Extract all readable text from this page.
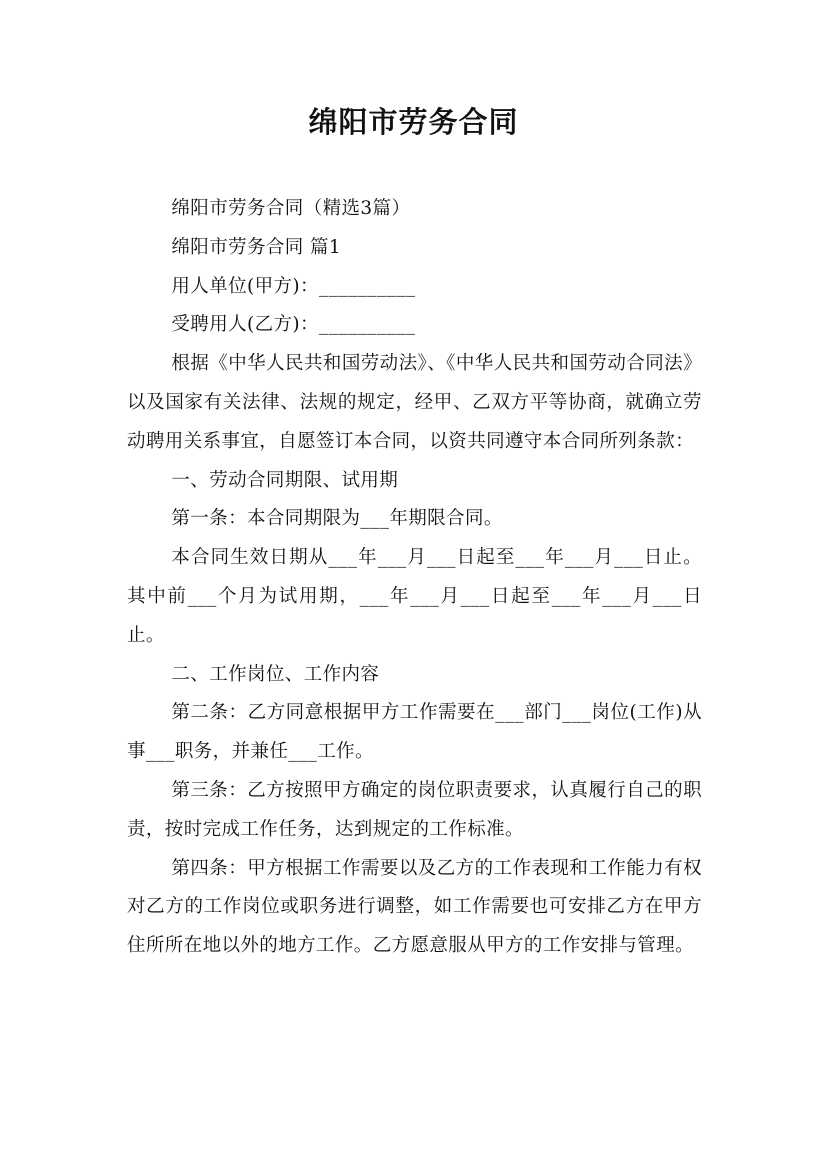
绵阳市劳务合同

绵阳市劳务合同（精选3篇）

绵阳市劳务合同 篇1

用人单位(甲方)：__________

受聘用人(乙方)：__________

根据《中华人民共和国劳动法》、《中华人民共和国劳动合同法》以及国家有关法律、法规的规定，经甲、乙双方平等协商，就确立劳动聘用关系事宜，自愿签订本合同，以资共同遵守本合同所列条款：

一、劳动合同期限、试用期

第一条：本合同期限为___年期限合同。

本合同生效日期从___年___月___日起至___年___月___日止。其中前___个月为试用期，___年___月___日起至___年___月___日止。

二、工作岗位、工作内容

第二条：乙方同意根据甲方工作需要在___部门___岗位(工作)从事___职务，并兼任___工作。

第三条：乙方按照甲方确定的岗位职责要求，认真履行自己的职责，按时完成工作任务，达到规定的工作标准。

第四条：甲方根据工作需要以及乙方的工作表现和工作能力有权对乙方的工作岗位或职务进行调整，如工作需要也可安排乙方在甲方住所所在地以外的地方工作。乙方愿意服从甲方的工作安排与管理。
